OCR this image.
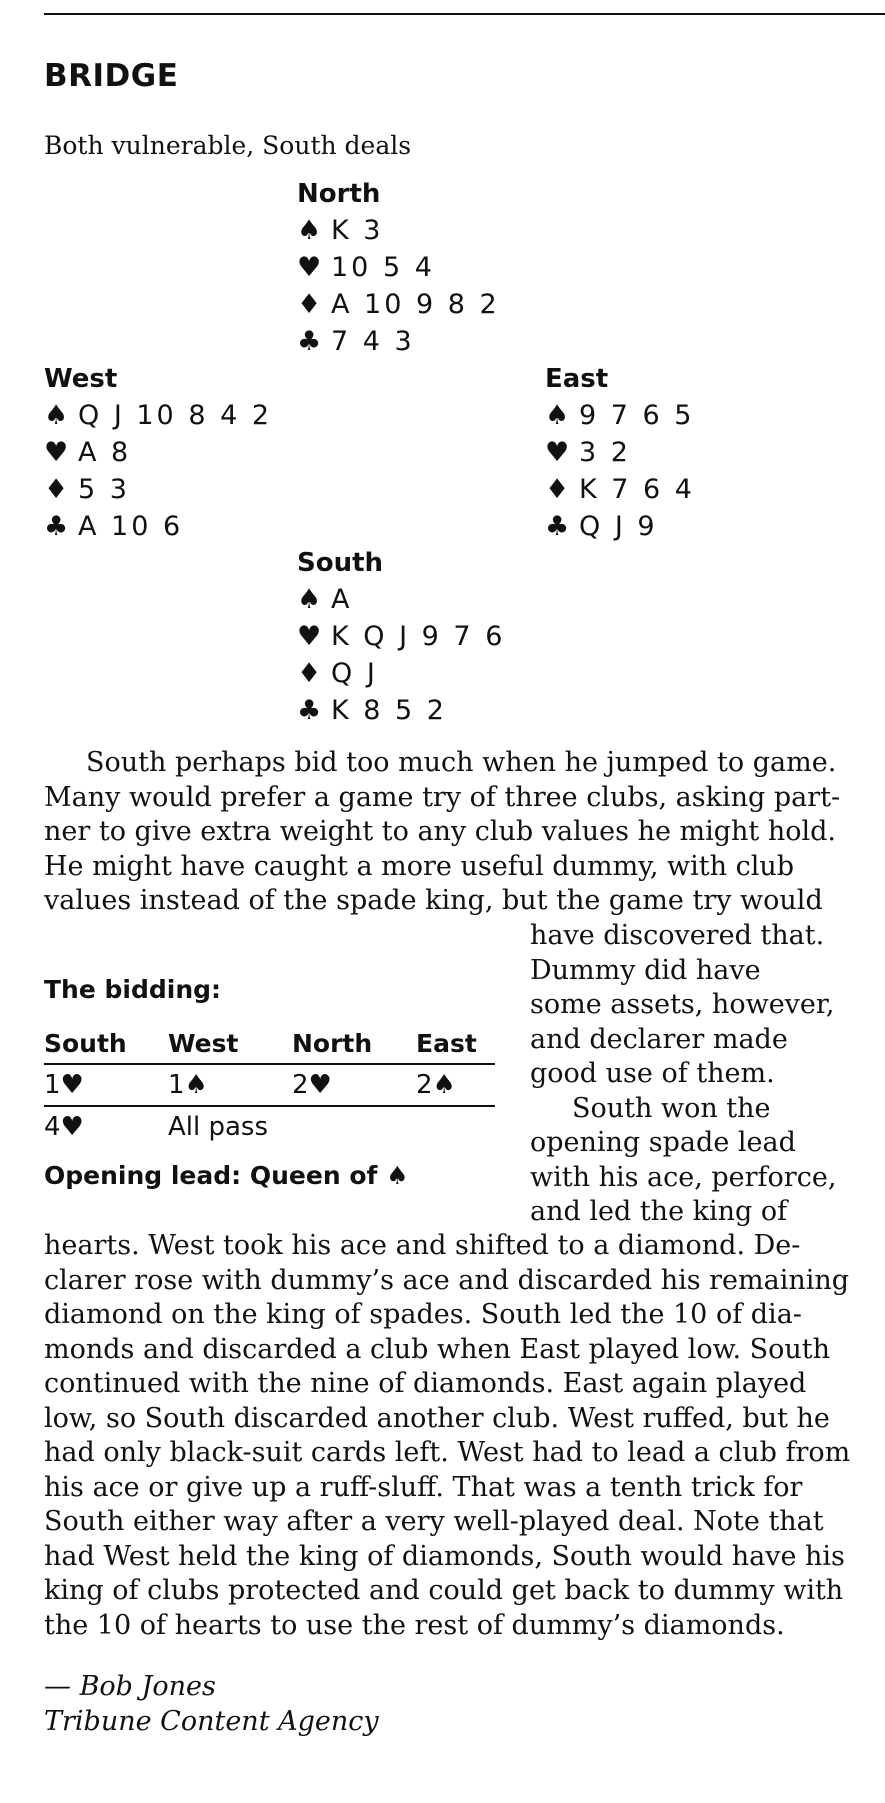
BRIDGE
Both vulnerable, South deals
North
♠ K 3
♥ 10 5 4
♦ A 10 9 8 2
♣ 7 4 3
West
♠ Q J 10 8 4 2
♥ A 8
♦ 5 3
♣ A 10 6
East
♠ 9 7 6 5
♥ 3 2
♦ K 7 6 4
♣ Q J 9
South
♠ A
♥ K Q J 9 7 6
♦ Q J
♣ K 8 5 2
South perhaps bid too much when he jumped to game.
Many would prefer a game try of three clubs, asking part-
ner to give extra weight to any club values he might hold.
He might have caught a more useful dummy, with club
values instead of the spade king, but the game try would
have discovered that.
Dummy did have
some assets, however,
and declarer made
good use of them.
South won the
opening spade lead
with his ace, perforce,
and led the king of
The bidding:
South	West	North	East
1♥	1♠	2♥	2♠
4♥	All pass
Opening lead: Queen of ♠
hearts. West took his ace and shifted to a diamond. De-
clarer rose with dummy’s ace and discarded his remaining
diamond on the king of spades. South led the 10 of dia-
monds and discarded a club when East played low. South
continued with the nine of diamonds. East again played
low, so South discarded another club. West ruffed, but he
had only black-suit cards left. West had to lead a club from
his ace or give up a ruff-sluff. That was a tenth trick for
South either way after a very well-played deal. Note that
had West held the king of diamonds, South would have his
king of clubs protected and could get back to dummy with
the 10 of hearts to use the rest of dummy’s diamonds.
— Bob Jones
Tribune Content Agency
